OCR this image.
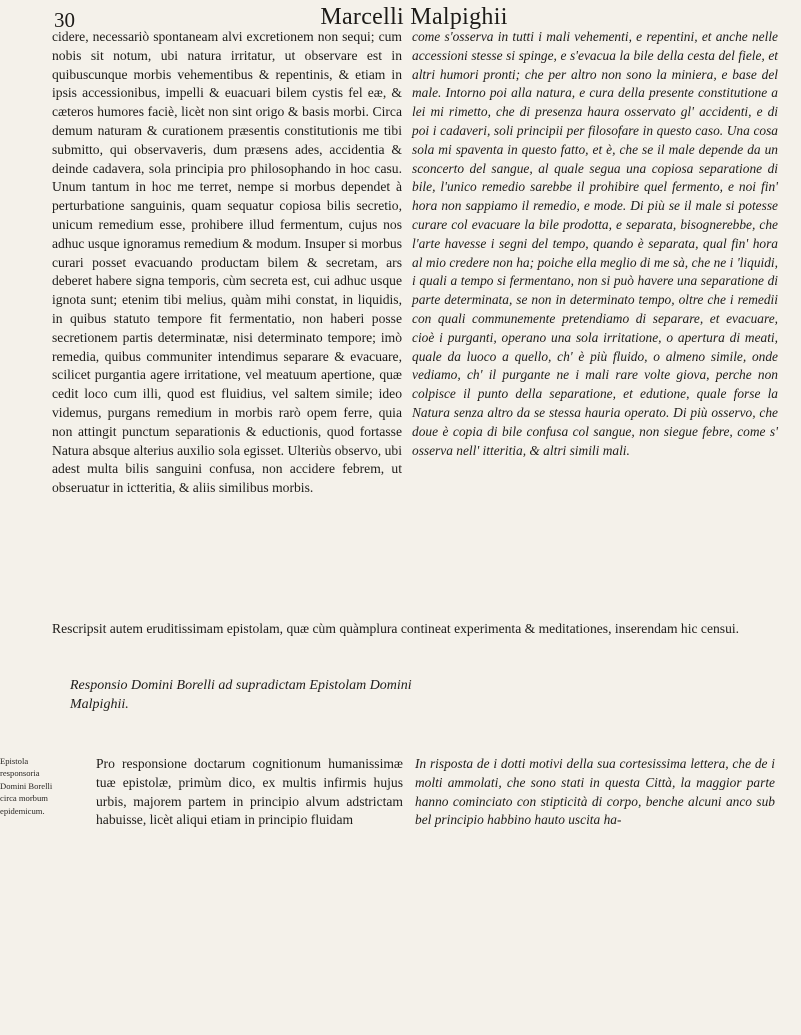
30	Marcelli Malpighii

cidere, necessariò spontaneam alvi excretionem non sequi; cum nobis sit notum, ubi natura irritatur, ut observare est in quibuscunque morbis vehementibus & repentinis, & etiam in ipsis accessionibus, impelli & euacuari bilem cystis fel eæ, & cæteros humores faciè, licèt non sint origo & basis morbi. Circa demum naturam & curationem præsentis constitutionis me tibi submitto, qui observaveris, dum præsens ades, accidentia & deinde cadavera, sola principia pro philosophando in hoc casu. Unum tantum in hoc me terret, nempe si morbus dependet à perturbatione sanguinis, quam sequatur copiosa bilis secretio, unicum remedium esse, prohibere illud fermentum, cujus nos adhuc usque ignoramus remedium & modum. Insuper si morbus curari posset evacuando productam bilem & secretam, ars deberet habere signa temporis, cùm secreta est, cui adhuc usque ignota sunt; etenim tibi melius, quàm mihi constat, in liquidis, in quibus statuto tempore fit fermentatio, non haberi posse secretionem partis determinatæ, nisi determinato tempore; imò remedia, quibus communiter intendimus separare & evacuare, scilicet purgantia agere irritatione, vel meatuum apertione, quæ cedit loco cum illi, quod est fluidius, vel saltem simile; ideo videmus, purgans remedium in morbis rarò opem ferre, quia non attingit punctum separationis & eductionis, quod fortasse Natura absque alterius auxilio sola egisset. Ulteriùs observo, ubi adest multa bilis sanguini confusa, non accidere febrem, ut obseruatur in ictteritia, & aliis similibus morbis.

come s'osserva in tutti i mali vehementi, e repentini, et anche nelle accessioni stesse si spinge, e s'evacua la bile della cesta del fiele, et altri humori pronti; che per altro non sono la miniera, e base del male. Intorno poi alla natura, e cura della presente constitutione a lei mi rimetto, che di presenza haura osservato gl' accidenti, e di poi i cadaveri, soli principii per filosofare in questo caso. Una cosa sola mi spaventa in questo fatto, et è, che se il male depende da un sconcerto del sangue, al quale segua una copiosa separatione di bile, l'unico remedio sarebbe il prohibire quel fermento, e noi fin' hora non sappiamo il remedio, e mode. Di più se il male si potesse curare col evacuare la bile prodotta, e separata, bisognerebbe, che l'arte havesse i segni del tempo, quando è separata, qual fin' hora al mio credere non ha; poiche ella meglio di me sà, che ne i 'liquidi, i quali a tempo si fermentano, non si può havere una separatione di parte determinata, se non in determinato tempo, oltre che i remedii con quali communemente pretendiamo di separare, et evacuare, cioè i purganti, operano una sola irritatione, o apertura di meati, quale da luoco a quello, ch' è più fluido, o almeno simile, onde vediamo, ch' il purgante ne i mali rare volte giova, perche non colpisce il punto della separatione, et edutione, quale forse la Natura senza altro da se stessa hauria operato. Di più osservo, che doue è copia di bile confusa col sangue, non siegue febre, come s' osserva nell' itteritia, & altri simili mali.

Rescripsit autem eruditissimam epistolam, quæ cùm quàmplura contineat experimenta & meditationes, inserendam hic censui.
Responsio Domini Borelli ad supradictam Epistolam Domini Malpighii.
Epistola responsoria Domini Borelli circa morbum epidemicum.

Pro responsione doctarum cognitionum humanissimæ tuæ epistolæ, primùm dico, ex multis infirmis hujus urbis, majorem partem in principio alvum adstrictam habuisse, licèt aliqui etiam in principio fluidam

In risposta de i dotti motivi della sua cortesissima lettera, che de i molti ammolati, che sono stati in questa Città, la maggior parte hanno cominciato con stipticità di corpo, benche alcuni anco sub bel principio habbino hauto uscita ha-
